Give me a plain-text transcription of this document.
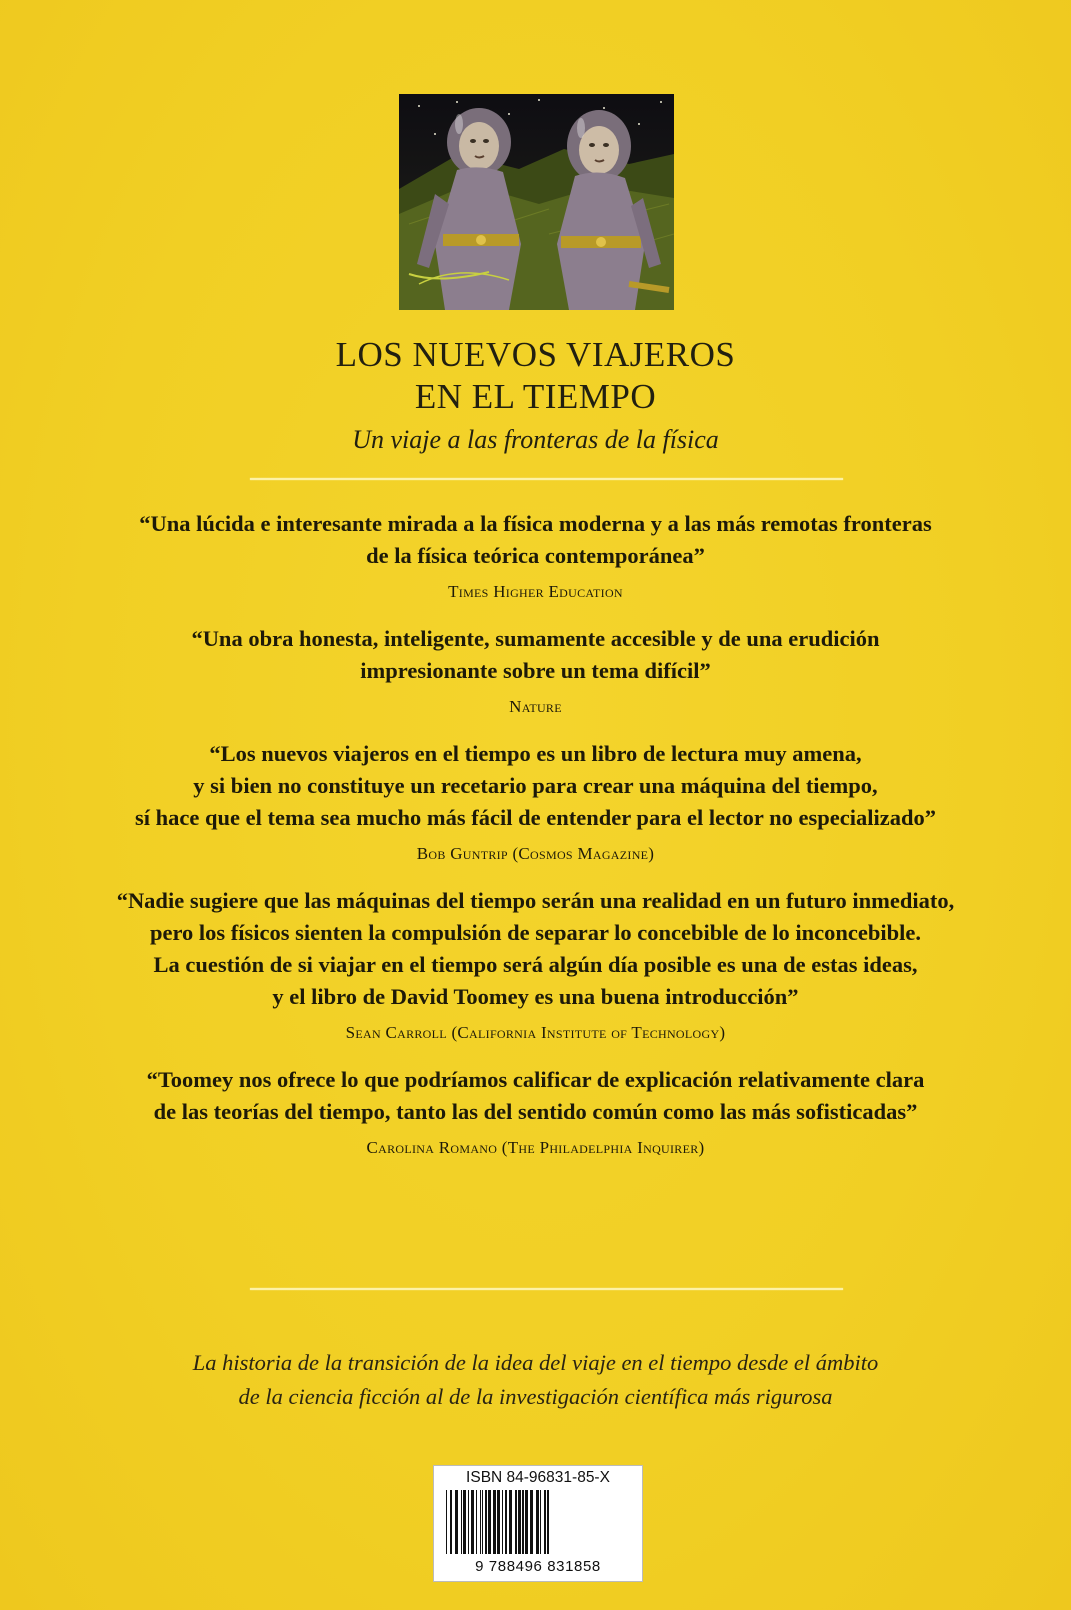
LOS NUEVOS VIAJEROS
EN EL TIEMPO
Un viaje a las fronteras de la física
“Una lúcida e interesante mirada a la física moderna y a las más remotas fronteras
de la física teórica contemporánea”
Times Higher Education
“Una obra honesta, inteligente, sumamente accesible y de una erudición
impresionante sobre un tema difícil”
Nature
“Los nuevos viajeros en el tiempo es un libro de lectura muy amena,
y si bien no constituye un recetario para crear una máquina del tiempo,
sí hace que el tema sea mucho más fácil de entender para el lector no especializado”
Bob Guntrip (Cosmos Magazine)
“Nadie sugiere que las máquinas del tiempo serán una realidad en un futuro inmediato,
pero los físicos sienten la compulsión de separar lo concebible de lo inconcebible.
La cuestión de si viajar en el tiempo será algún día posible es una de estas ideas,
y el libro de David Toomey es una buena introducción”
Sean Carroll (California Institute of Technology)
“Toomey nos ofrece lo que podríamos calificar de explicación relativamente clara
de las teorías del tiempo, tanto las del sentido común como las más sofisticadas”
Carolina Romano (The Philadelphia Inquirer)
La historia de la transición de la idea del viaje en el tiempo desde el ámbito
de la ciencia ficción al de la investigación científica más rigurosa
ISBN 84-96831-85-X
9 788496 831858
